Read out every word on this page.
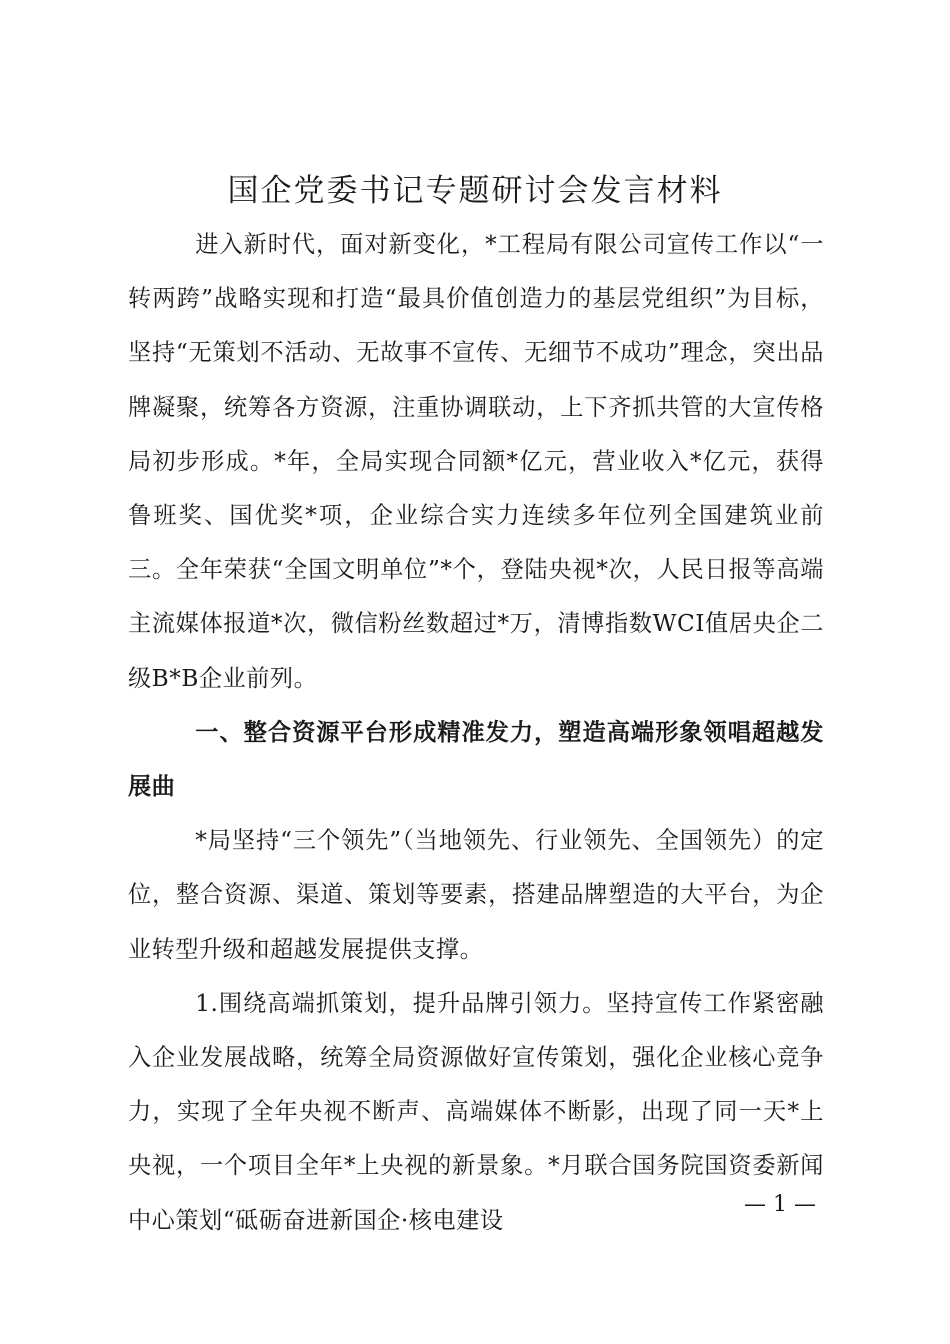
国企党委书记专题研讨会发言材料

进入新时代，面对新变化，*工程局有限公司宣传工作以“一转两跨”战略实现和打造“最具价值创造力的基层党组织”为目标，坚持“无策划不活动、无故事不宣传、无细节不成功”理念，突出品牌凝聚，统筹各方资源，注重协调联动，上下齐抓共管的大宣传格局初步形成。*年，全局实现合同额*亿元，营业收入*亿元，获得鲁班奖、国优奖*项，企业综合实力连续多年位列全国建筑业前三。全年荣获“全国文明单位”*个，登陆央视*次，人民日报等高端主流媒体报道*次，微信粉丝数超过*万，清博指数WCI值居央企二级B*B企业前列。

一、整合资源平台形成精准发力，塑造高端形象领唱超越发展曲

*局坚持“三个领先”（当地领先、行业领先、全国领先）的定位，整合资源、渠道、策划等要素，搭建品牌塑造的大平台，为企业转型升级和超越发展提供支撑。

1.围绕高端抓策划，提升品牌引领力。坚持宣传工作紧密融入企业发展战略，统筹全局资源做好宣传策划，强化企业核心竞争力，实现了全年央视不断声、高端媒体不断影，出现了同一天*上央视，一个项目全年*上央视的新景象。*月联合国务院国资委新闻中心策划“砥砺奋进新国企·核电建设

— 1 —
